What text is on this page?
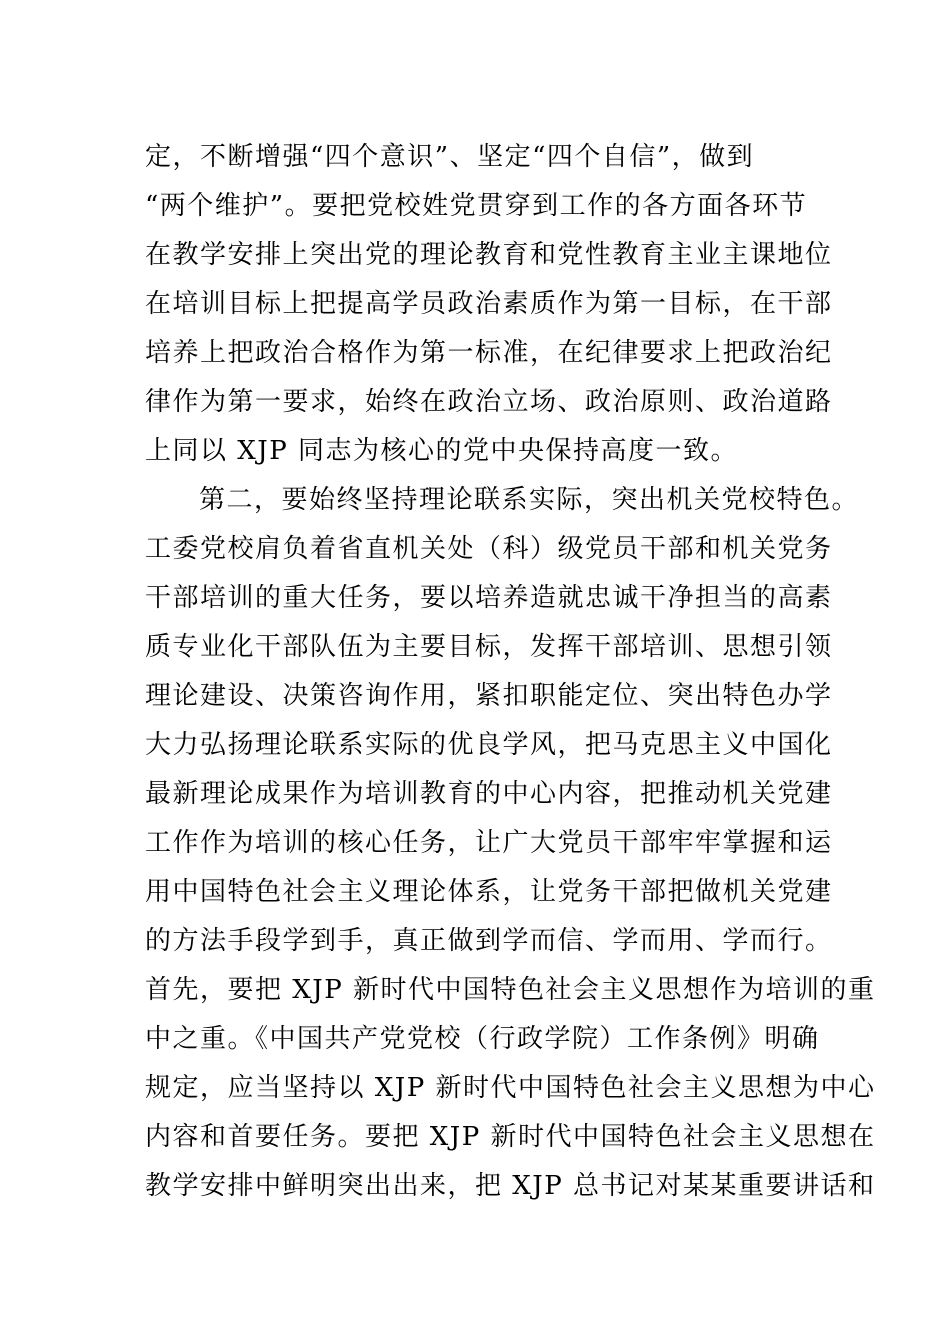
定，不断增强“四个意识”、坚定“四个自信”，做到
“两个维护”。要把党校姓党贯穿到工作的各方面各环节
在教学安排上突出党的理论教育和党性教育主业主课地位
在培训目标上把提高学员政治素质作为第一目标，在干部
培养上把政治合格作为第一标准，在纪律要求上把政治纪
律作为第一要求，始终在政治立场、政治原则、政治道路
上同以 XJP 同志为核心的党中央保持高度一致。
第二，要始终坚持理论联系实际，突出机关党校特色。
工委党校肩负着省直机关处（科）级党员干部和机关党务
干部培训的重大任务，要以培养造就忠诚干净担当的高素
质专业化干部队伍为主要目标，发挥干部培训、思想引领
理论建设、决策咨询作用，紧扣职能定位、突出特色办学
大力弘扬理论联系实际的优良学风，把马克思主义中国化
最新理论成果作为培训教育的中心内容，把推动机关党建
工作作为培训的核心任务，让广大党员干部牢牢掌握和运
用中国特色社会主义理论体系，让党务干部把做机关党建
的方法手段学到手，真正做到学而信、学而用、学而行。
首先，要把 XJP 新时代中国特色社会主义思想作为培训的重
中之重。《中国共产党党校（行政学院）工作条例》明确
规定，应当坚持以 XJP 新时代中国特色社会主义思想为中心
内容和首要任务。要把 XJP 新时代中国特色社会主义思想在
教学安排中鲜明突出出来，把 XJP 总书记对某某重要讲话和
